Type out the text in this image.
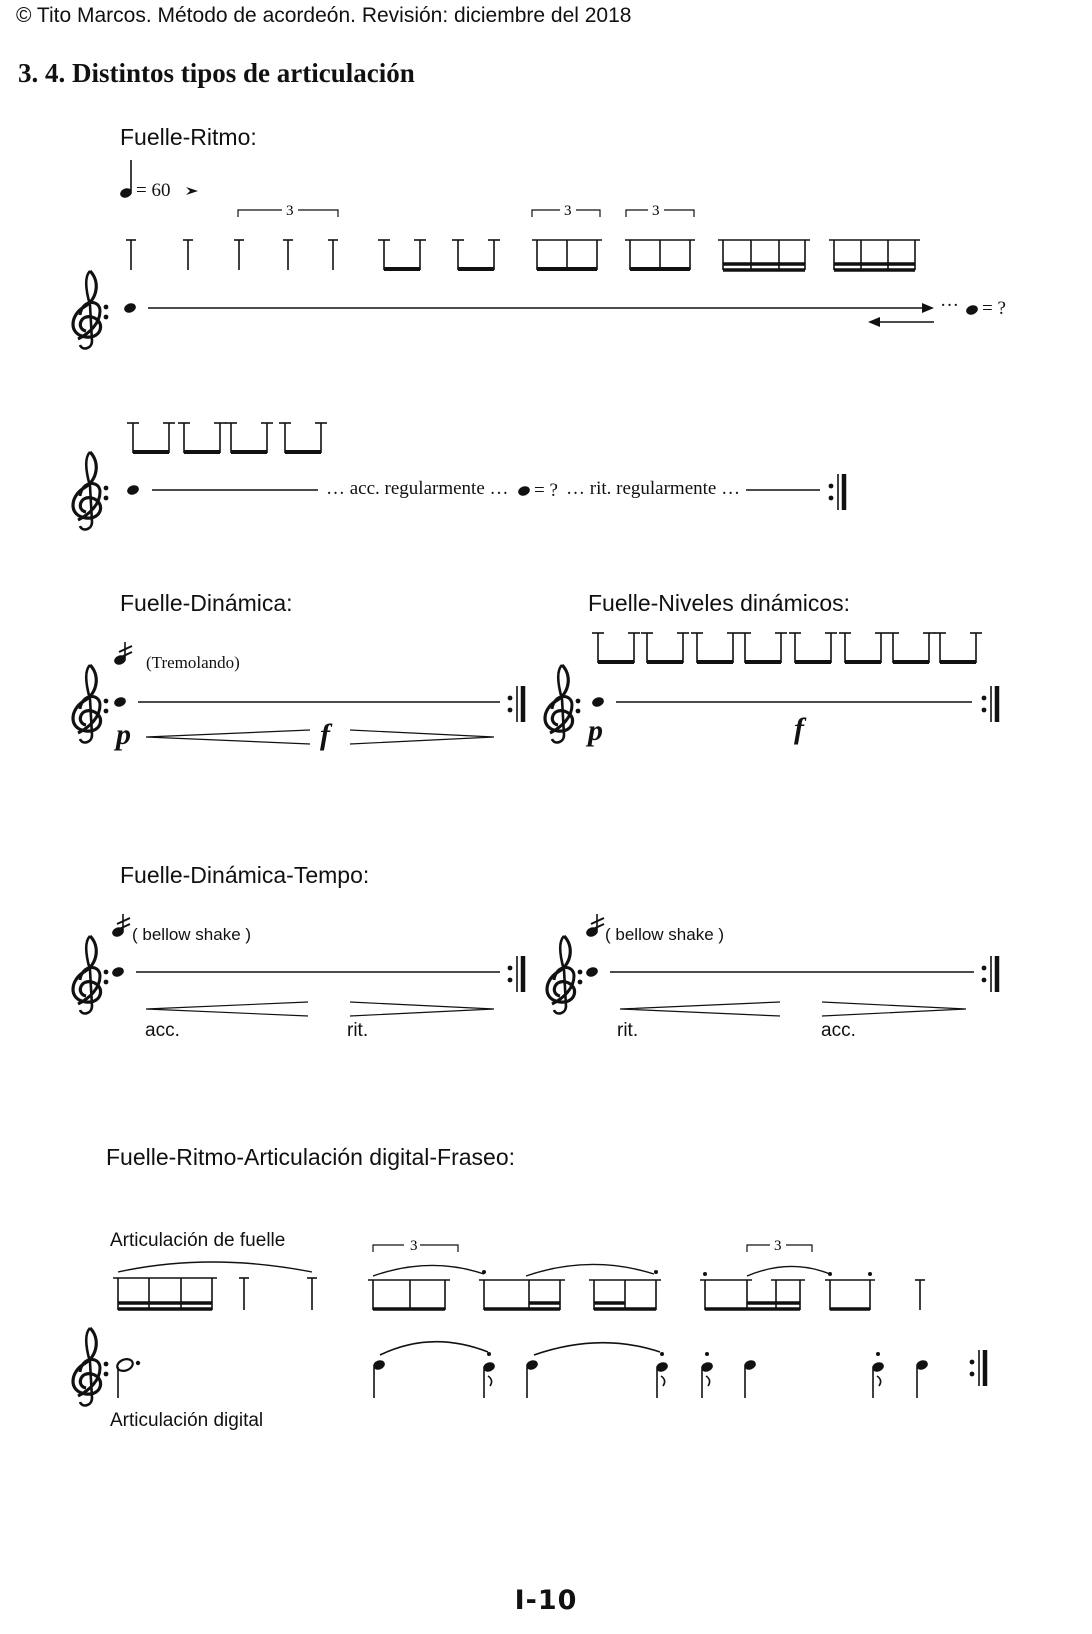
© Tito Marcos. Método de acordeón. Revisión: diciembre del 2018
3. 4. Distintos tipos de articulación
Fuelle-Ritmo:
Fuelle-Dinámica:	Fuelle-Niveles dinámicos:
Fuelle-Dinámica-Tempo:
Fuelle-Ritmo-Articulación digital-Fraseo:
= 60
= ?
···
… acc. regularmente … = ? … rit. regularmente …
(Tremolando)
p	f	p	f
( bellow shake )	( bellow shake )
acc.	rit.	rit.	acc.
Articulación de fuelle
Articulación digital
I-10
3	3	3
3	3
